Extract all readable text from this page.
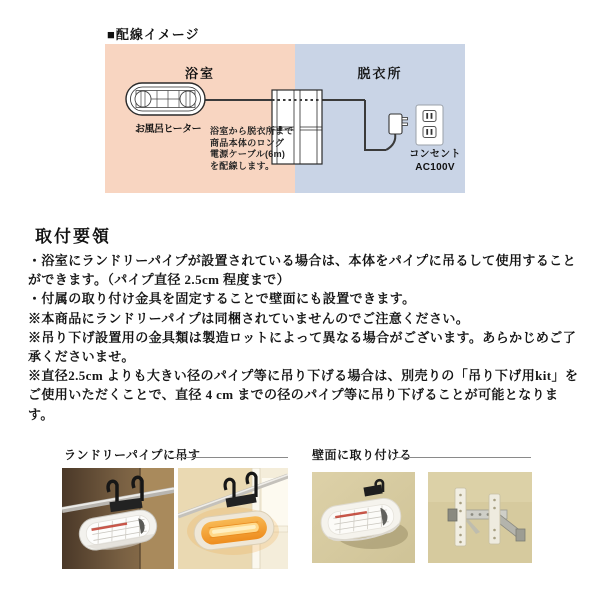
■配線イメージ
浴室	脱衣所
お風呂ヒーター 浴室から脱衣所まで
商品本体のロング
電源ケーブル(6m)
を配線します。
コンセント
AC100V
取付要領
・浴室にランドリーパイプが設置されている場合は、本体をパイプに吊るして使用すること
ができます。（パイプ直径 2.5cm 程度まで）
・付属の取り付け金具を固定することで壁面にも設置できます。
※本商品にランドリーパイプは同梱されていませんのでご注意ください。
※吊り下げ設置用の金具類は製造ロットによって異なる場合がございます。あらかじめご了
承くださいませ。
※直径2.5cm よりも大きい径のパイプ等に吊り下げる場合は、別売りの「吊り下げ用kit」を
ご使用いただくことで、直径 4 cm までの径のパイプ等に吊り下げることが可能となりま
す。
ランドリーパイプに吊す	壁面に取り付ける
